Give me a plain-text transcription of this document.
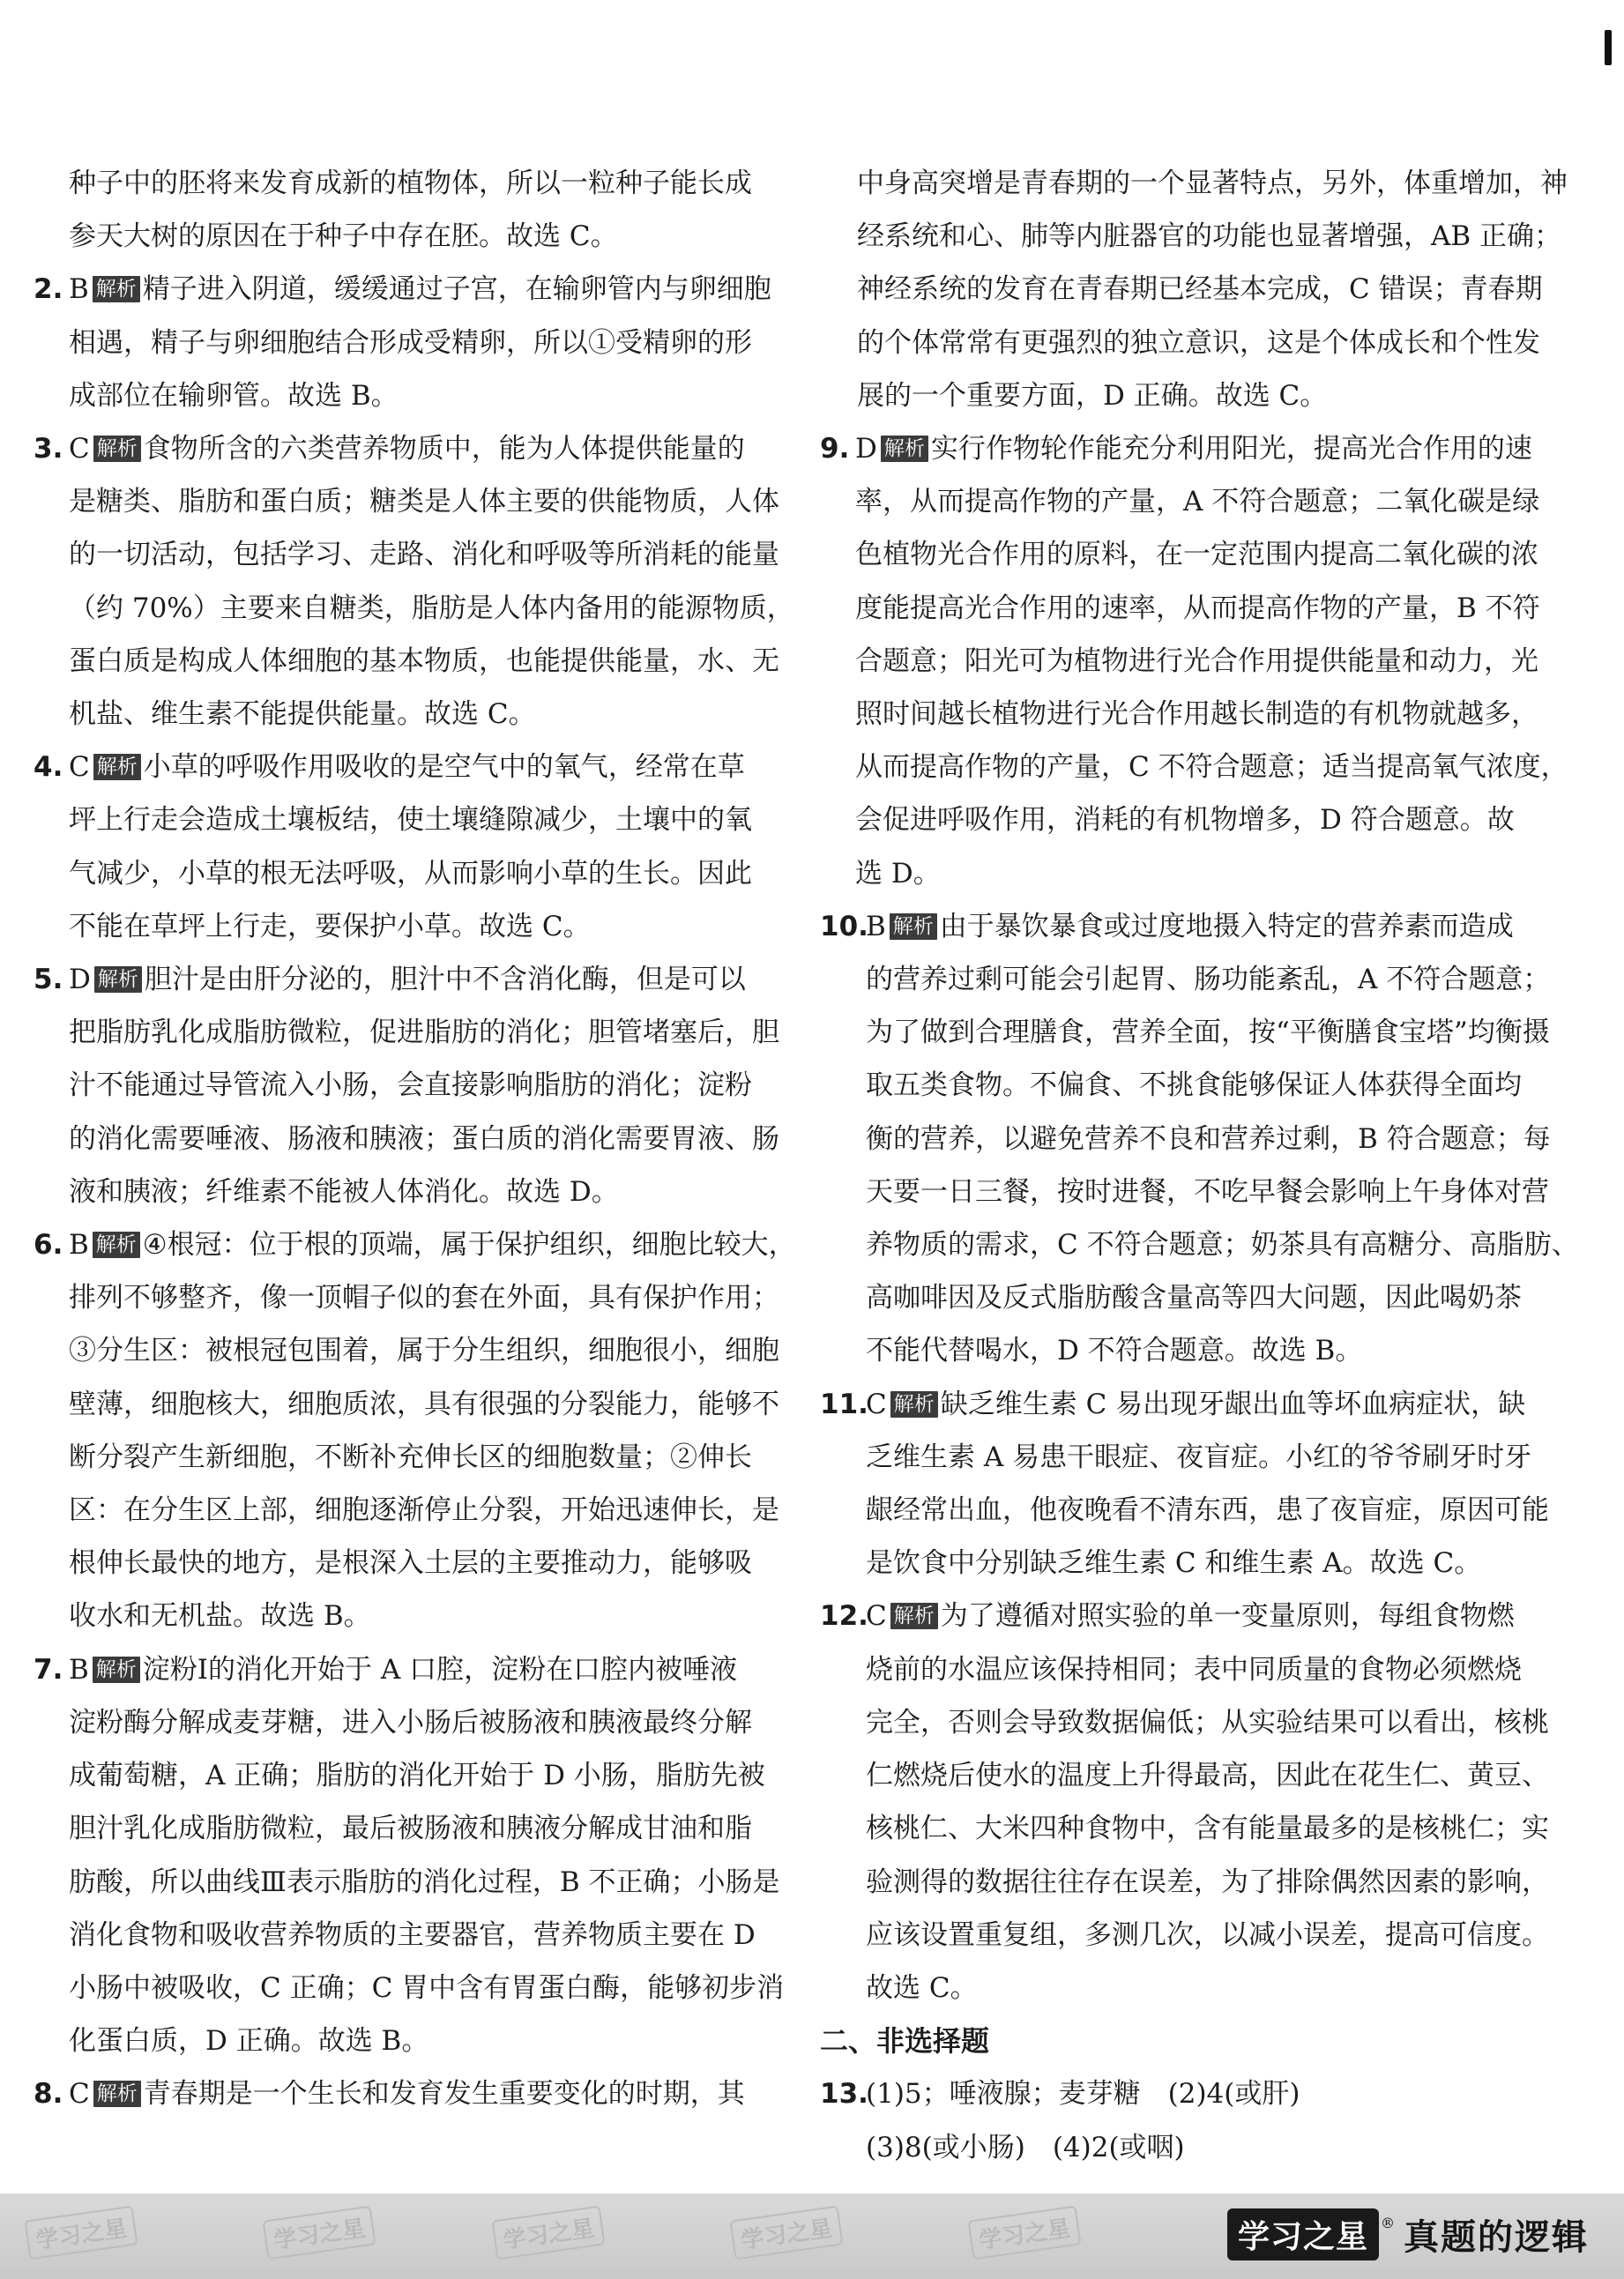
种子中的胚将来发育成新的植物体，所以一粒种子能长成
参天大树的原因在于种子中存在胚。故选 C。
2. B 解析 精子进入阴道，缓缓通过子宫，在输卵管内与卵细胞
相遇，精子与卵细胞结合形成受精卵，所以①受精卵的形
成部位在输卵管。故选 B。
3. C 解析 食物所含的六类营养物质中，能为人体提供能量的
是糖类、脂肪和蛋白质；糖类是人体主要的供能物质，人体
的一切活动，包括学习、走路、消化和呼吸等所消耗的能量
（约 70%）主要来自糖类，脂肪是人体内备用的能源物质，
蛋白质是构成人体细胞的基本物质，也能提供能量，水、无
机盐、维生素不能提供能量。故选 C。
4. C 解析 小草的呼吸作用吸收的是空气中的氧气，经常在草
坪上行走会造成土壤板结，使土壤缝隙减少，土壤中的氧
气减少，小草的根无法呼吸，从而影响小草的生长。因此
不能在草坪上行走，要保护小草。故选 C。
5. D 解析 胆汁是由肝分泌的，胆汁中不含消化酶，但是可以
把脂肪乳化成脂肪微粒，促进脂肪的消化；胆管堵塞后，胆
汁不能通过导管流入小肠，会直接影响脂肪的消化；淀粉
的消化需要唾液、肠液和胰液；蛋白质的消化需要胃液、肠
液和胰液；纤维素不能被人体消化。故选 D。
6. B 解析 ④根冠：位于根的顶端，属于保护组织，细胞比较大，
排列不够整齐，像一顶帽子似的套在外面，具有保护作用；
③分生区：被根冠包围着，属于分生组织，细胞很小，细胞
壁薄，细胞核大，细胞质浓，具有很强的分裂能力，能够不
断分裂产生新细胞，不断补充伸长区的细胞数量；②伸长
区：在分生区上部，细胞逐渐停止分裂，开始迅速伸长，是
根伸长最快的地方，是根深入土层的主要推动力，能够吸
收水和无机盐。故选 B。
7. B 解析 淀粉Ⅰ的消化开始于 A 口腔，淀粉在口腔内被唾液
淀粉酶分解成麦芽糖，进入小肠后被肠液和胰液最终分解
成葡萄糖，A 正确；脂肪的消化开始于 D 小肠，脂肪先被
胆汁乳化成脂肪微粒，最后被肠液和胰液分解成甘油和脂
肪酸，所以曲线Ⅲ表示脂肪的消化过程，B 不正确；小肠是
消化食物和吸收营养物质的主要器官，营养物质主要在 D
小肠中被吸收，C 正确；C 胃中含有胃蛋白酶，能够初步消
化蛋白质，D 正确。故选 B。
8. C 解析 青春期是一个生长和发育发生重要变化的时期，其
中身高突增是青春期的一个显著特点，另外，体重增加，神
经系统和心、肺等内脏器官的功能也显著增强，AB 正确；
神经系统的发育在青春期已经基本完成，C 错误；青春期
的个体常常有更强烈的独立意识，这是个体成长和个性发
展的一个重要方面，D 正确。故选 C。
9. D 解析 实行作物轮作能充分利用阳光，提高光合作用的速
率，从而提高作物的产量，A 不符合题意；二氧化碳是绿
色植物光合作用的原料，在一定范围内提高二氧化碳的浓
度能提高光合作用的速率，从而提高作物的产量，B 不符
合题意；阳光可为植物进行光合作用提供能量和动力，光
照时间越长植物进行光合作用越长制造的有机物就越多，
从而提高作物的产量，C 不符合题意；适当提高氧气浓度，
会促进呼吸作用，消耗的有机物增多，D 符合题意。故
选 D。
10.
B 解析 由于暴饮暴食或过度地摄入特定的营养素而造成
的营养过剩可能会引起胃、肠功能紊乱，A 不符合题意；
为了做到合理膳食，营养全面，按“平衡膳食宝塔”均衡摄
取五类食物。不偏食、不挑食能够保证人体获得全面均
衡的营养，以避免营养不良和营养过剩，B 符合题意；每
天要一日三餐，按时进餐，不吃早餐会影响上午身体对营
养物质的需求，C 不符合题意；奶茶具有高糖分、高脂肪、
高咖啡因及反式脂肪酸含量高等四大问题，因此喝奶茶
不能代替喝水，D 不符合题意。故选 B。
11.
C 解析 缺乏维生素 C 易出现牙龈出血等坏血病症状，缺
乏维生素 A 易患干眼症、夜盲症。小红的爷爷刷牙时牙
龈经常出血，他夜晚看不清东西，患了夜盲症，原因可能
是饮食中分别缺乏维生素 C 和维生素 A。故选 C。
12.
C 解析 为了遵循对照实验的单一变量原则，每组食物燃
烧前的水温应该保持相同；表中同质量的食物必须燃烧
完全，否则会导致数据偏低；从实验结果可以看出，核桃
仁燃烧后使水的温度上升得最高，因此在花生仁、黄豆、
核桃仁、大米四种食物中，含有能量最多的是核桃仁；实
验测得的数据往往存在误差，为了排除偶然因素的影响，
应该设置重复组，多测几次，以减小误差，提高可信度。
故选 C。
二、非选择题
13.
(1)5；唾液腺；麦芽糖　(2)4(或肝)
(3)8(或小肠)　(4)2(或咽)
学习之星	学习之星	学习之星	学习之星	学习之星	学习之星 ® 真题的逻辑
